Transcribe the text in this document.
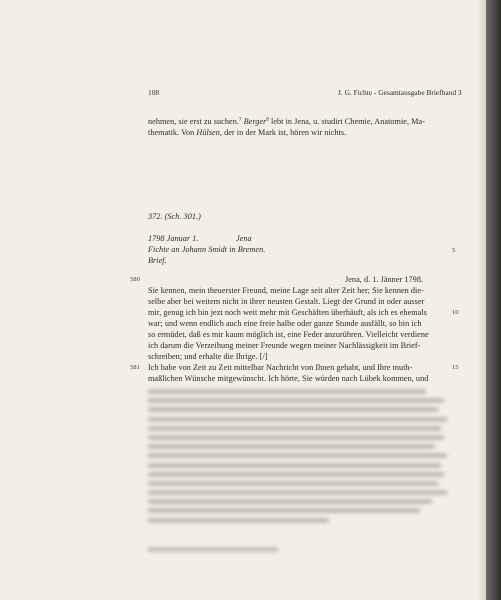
108	J. G. Fichte - Gesamtausgabe Briefband 3
nehmen, sie erst zu suchen.$^7$ Berger$^8$ lebt in Jena, u. studirt Chemie, Anatomie, Ma-
thematik. Von Hülsen, der in der Mark ist, hören wir nichts.
372. (Sch. 301.)
1798 Januar 1.	Jena
Fichte an Johann Smidt in Bremen.
Brief.
5
580	Jena, d. 1. Jänner 1798.
Sie kennen, mein theuerster Freund, meine Lage seit alter Zeit her; Sie kennen die-
selbe aber bei weitem nicht in ihrer neusten Gestalt. Liegt der Grund in oder ausser
mir, genug ich bin jezt noch weit mehr mit Geschäften überhäuft, als ich es ehemals	10
war; und wenn endlich auch eine freie halbe oder ganze Stunde ausfällt, so bin ich
so ermüdet, daß es mir kaum möglich ist, eine Feder anzurühren. Vielleicht verdiene
ich darum die Verzeihung meiner Freunde wegen meiner Nachlässigkeit im Brief-
schreiben; und erhalte die Ihrige. [/]
581 Ich habe von Zeit zu Zeit mittelbar Nachricht von Ihnen gehabt, und Ihre muth-	15
maßlichen Wünsche mitgewünscht. Ich hörte, Sie würden nach Lübek kommen, und
